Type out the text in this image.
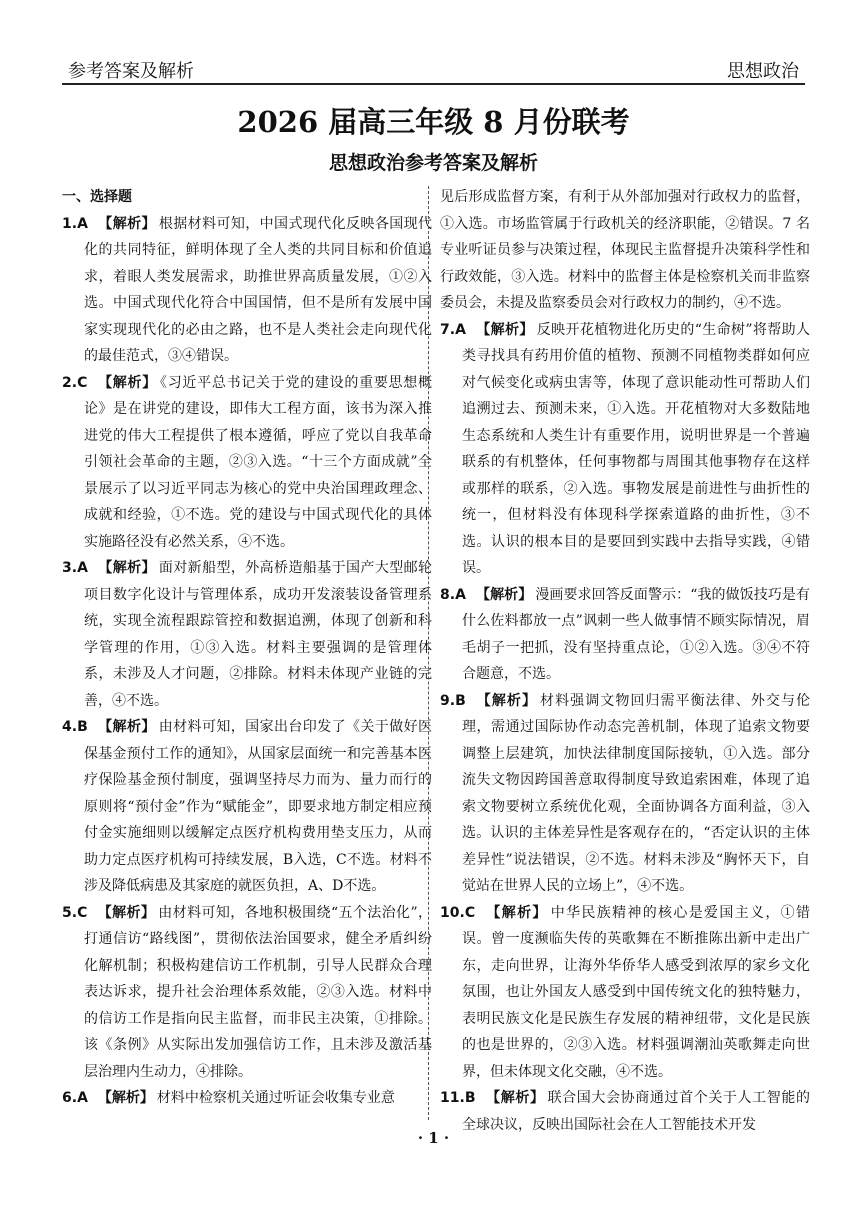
参考答案及解析	思想政治
2026 届高三年级 8 月份联考
思想政治参考答案及解析
一、选择题

1.A 【解析】 根据材料可知，中国式现代化反映各国现代化的共同特征，鲜明体现了全人类的共同目标和价值追求，着眼人类发展需求，助推世界高质量发展，①②入选。中国式现代化符合中国国情，但不是所有发展中国家实现现代化的必由之路，也不是人类社会走向现代化的最佳范式，③④错误。

2.C 【解析】 《习近平总书记关于党的建设的重要思想概论》是在讲党的建设，即伟大工程方面，该书为深入推进党的伟大工程提供了根本遵循，呼应了党以自我革命引领社会革命的主题，②③入选。“十三个方面成就”全景展示了以习近平同志为核心的党中央治国理政理念、成就和经验，①不选。党的建设与中国式现代化的具体实施路径没有必然关系，④不选。

3.A 【解析】 面对新船型，外高桥造船基于国产大型邮轮项目数字化设计与管理体系，成功开发滚装设备管理系统，实现全流程跟踪管控和数据追溯，体现了创新和科学管理的作用，①③入选。材料主要强调的是管理体系，未涉及人才问题，②排除。材料未体现产业链的完善，④不选。

4.B 【解析】 由材料可知，国家出台印发了《关于做好医保基金预付工作的通知》，从国家层面统一和完善基本医疗保险基金预付制度，强调坚持尽力而为、量力而行的原则将“预付金”作为“赋能金”，即要求地方制定相应预付金实施细则以缓解定点医疗机构费用垫支压力，从而助力定点医疗机构可持续发展，B入选，C不选。材料不涉及降低病患及其家庭的就医负担，A、D不选。

5.C 【解析】 由材料可知，各地积极围绕“五个法治化”，打通信访“路线图”，贯彻依法治国要求，健全矛盾纠纷化解机制；积极构建信访工作机制，引导人民群众合理表达诉求，提升社会治理体系效能，②③入选。材料中的信访工作是指向民主监督，而非民主决策，①排除。该《条例》从实际出发加强信访工作，且未涉及激活基层治理内生动力，④排除。

6.A 【解析】 材料中检察机关通过听证会收集专业意

见后形成监督方案，有利于从外部加强对行政权力的监督，①入选。市场监管属于行政机关的经济职能，②错误。7 名专业听证员参与决策过程，体现民主监督提升决策科学性和行政效能，③入选。材料中的监督主体是检察机关而非监察委员会，未提及监察委员会对行政权力的制约，④不选。

7.A 【解析】 反映开花植物进化历史的“生命树”将帮助人类寻找具有药用价值的植物、预测不同植物类群如何应对气候变化或病虫害等，体现了意识能动性可帮助人们追溯过去、预测未来，①入选。开花植物对大多数陆地生态系统和人类生计有重要作用，说明世界是一个普遍联系的有机整体，任何事物都与周围其他事物存在这样或那样的联系，②入选。事物发展是前进性与曲折性的统一，但材料没有体现科学探索道路的曲折性，③不选。认识的根本目的是要回到实践中去指导实践，④错误。

8.A 【解析】 漫画要求回答反面警示：“我的做饭技巧是有什么佐料都放一点”讽刺一些人做事情不顾实际情况，眉毛胡子一把抓，没有坚持重点论，①②入选。③④不符合题意，不选。

9.B 【解析】 材料强调文物回归需平衡法律、外交与伦理，需通过国际协作动态完善机制，体现了追索文物要调整上层建筑，加快法律制度国际接轨，①入选。部分流失文物因跨国善意取得制度导致追索困难，体现了追索文物要树立系统优化观，全面协调各方面利益，③入选。认识的主体差异性是客观存在的，“否定认识的主体差异性”说法错误，②不选。材料未涉及“胸怀天下，自觉站在世界人民的立场上”，④不选。

10.C 【解析】 中华民族精神的核心是爱国主义，①错误。曾一度濒临失传的英歌舞在不断推陈出新中走出广东，走向世界，让海外华侨华人感受到浓厚的家乡文化氛围，也让外国友人感受到中国传统文化的独特魅力，表明民族文化是民族生存发展的精神纽带，文化是民族的也是世界的，②③入选。材料强调潮汕英歌舞走向世界，但未体现文化交融，④不选。

11.B 【解析】 联合国大会协商通过首个关于人工智能的全球决议，反映出国际社会在人工智能技术开发

· 1 ·
